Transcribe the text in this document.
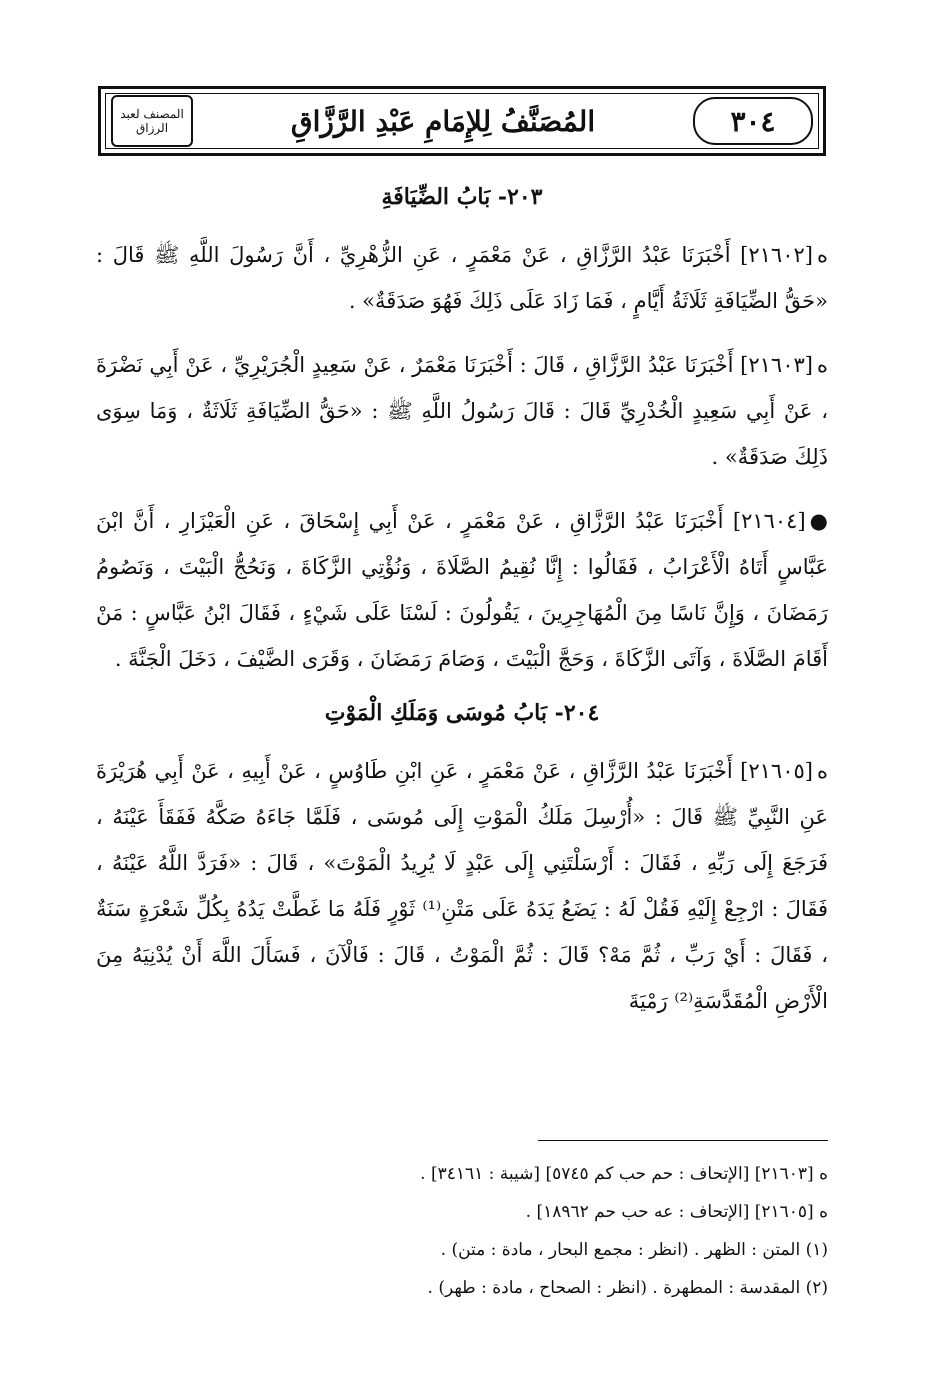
٣٠٤
المُصَنَّفُ لِلإِمَامِ عَبْدِ الرَّزَّاقِ
المصنف لعبد الرزاق
٢٠٣- بَابُ الضِّيَافَةِ

ه[٢١٦٠٢] أَخْبَرَنَا عَبْدُ الرَّزَّاقِ ، عَنْ مَعْمَرٍ ، عَنِ الزُّهْرِيِّ ، أَنَّ رَسُولَ اللَّهِ ﷺ قَالَ : «حَقُّ الضِّيَافَةِ ثَلَاثَةُ أَيَّامٍ ، فَمَا زَادَ عَلَى ذَلِكَ فَهُوَ صَدَقَةٌ» .

ه[٢١٦٠٣] أَخْبَرَنَا عَبْدُ الرَّزَّاقِ ، قَالَ : أَخْبَرَنَا مَعْمَرٌ ، عَنْ سَعِيدٍ الْجُرَيْرِيِّ ، عَنْ أَبِي نَضْرَةَ ، عَنْ أَبِي سَعِيدٍ الْخُدْرِيِّ قَالَ : قَالَ رَسُولُ اللَّهِ ﷺ : «حَقُّ الضِّيَافَةِ ثَلَاثَةٌ ، وَمَا سِوَى ذَلِكَ صَدَقَةٌ» .

●[٢١٦٠٤] أَخْبَرَنَا عَبْدُ الرَّزَّاقِ ، عَنْ مَعْمَرٍ ، عَنْ أَبِي إِسْحَاقَ ، عَنِ الْعَيْزَارِ ، أَنَّ ابْنَ عَبَّاسٍ أَتَاهُ الْأَعْرَابُ ، فَقَالُوا : إِنَّا نُقِيمُ الصَّلَاةَ ، وَنُؤْتِي الزَّكَاةَ ، وَنَحُجُّ الْبَيْتَ ، وَنَصُومُ رَمَضَانَ ، وَإِنَّ نَاسًا مِنَ الْمُهَاجِرِينَ ، يَقُولُونَ : لَسْنَا عَلَى شَيْءٍ ، فَقَالَ ابْنُ عَبَّاسٍ : مَنْ أَقَامَ الصَّلَاةَ ، وَآتَى الزَّكَاةَ ، وَحَجَّ الْبَيْتَ ، وَصَامَ رَمَضَانَ ، وَقَرَى الضَّيْفَ ، دَخَلَ الْجَنَّةَ .

٢٠٤- بَابُ مُوسَى وَمَلَكِ الْمَوْتِ

ه[٢١٦٠٥] أَخْبَرَنَا عَبْدُ الرَّزَّاقِ ، عَنْ مَعْمَرٍ ، عَنِ ابْنِ طَاوُسٍ ، عَنْ أَبِيهِ ، عَنْ أَبِي هُرَيْرَةَ عَنِ النَّبِيِّ ﷺ قَالَ : «أُرْسِلَ مَلَكُ الْمَوْتِ إِلَى مُوسَى ، فَلَمَّا جَاءَهُ صَكَّهُ فَفَقَأَ عَيْنَهُ ، فَرَجَعَ إِلَى رَبِّهِ ، فَقَالَ : أَرْسَلْتَنِي إِلَى عَبْدٍ لَا يُرِيدُ الْمَوْتَ» ، قَالَ : «فَرَدَّ اللَّهُ عَيْنَهُ ، فَقَالَ : ارْجِعْ إِلَيْهِ فَقُلْ لَهُ : يَضَعُ يَدَهُ عَلَى مَتْنِ⁽¹⁾ ثَوْرٍ فَلَهُ مَا غَطَّتْ يَدُهُ بِكُلِّ شَعْرَةٍ سَنَةٌ ، فَقَالَ : أَيْ رَبِّ ، ثُمَّ مَهْ؟ قَالَ : ثُمَّ الْمَوْتُ ، قَالَ : فَالْآنَ ، فَسَأَلَ اللَّهَ أَنْ يُدْنِيَهُ مِنَ الْأَرْضِ الْمُقَدَّسَةِ⁽²⁾ رَمْيَةَ

ه [٢١٦٠٣] [الإتحاف : حم حب كم ٥٧٤٥] [شيبة : ٣٤١٦١] .
ه [٢١٦٠٥] [الإتحاف : عه حب حم ١٨٩٦٢] .
(١) المتن : الظهر . (انظر : مجمع البحار ، مادة : متن) .
(٢) المقدسة : المطهرة . (انظر : الصحاح ، مادة : طهر) .
